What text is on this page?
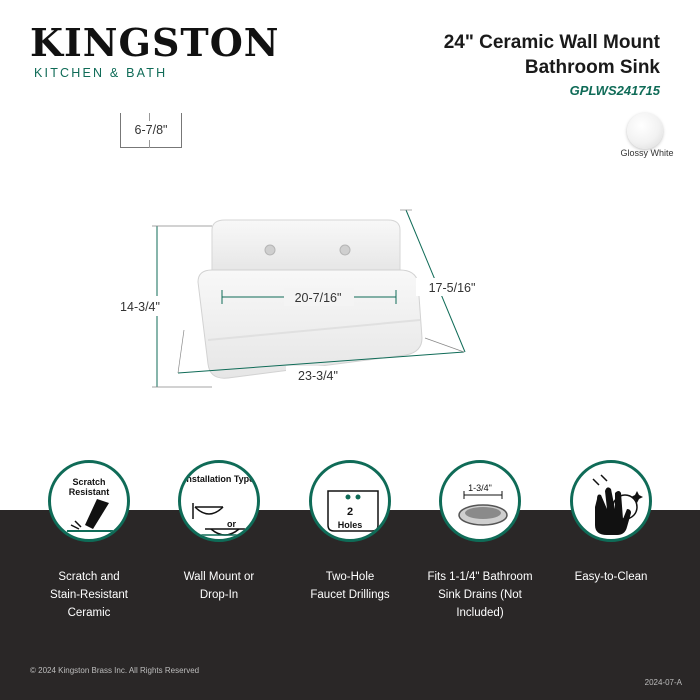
KINGSTON
KITCHEN & BATH
24" Ceramic Wall Mount
Bathroom Sink
GPLWS241715
6-7/8"
Glossy White
14-3/4"
20-7/16"
17-5/16"
23-3/4"
Scratch Resistant
Scratch and
Stain-Resistant
Ceramic
Installation Type
or
Wall Mount or
Drop-In
2
Holes
Two-Hole
Faucet Drillings
1-3/4"
Fits 1-1/4" Bathroom
Sink Drains (Not
Included)
Easy-to-Clean
© 2024 Kingston Brass Inc. All Rights Reserved
2024-07-A
